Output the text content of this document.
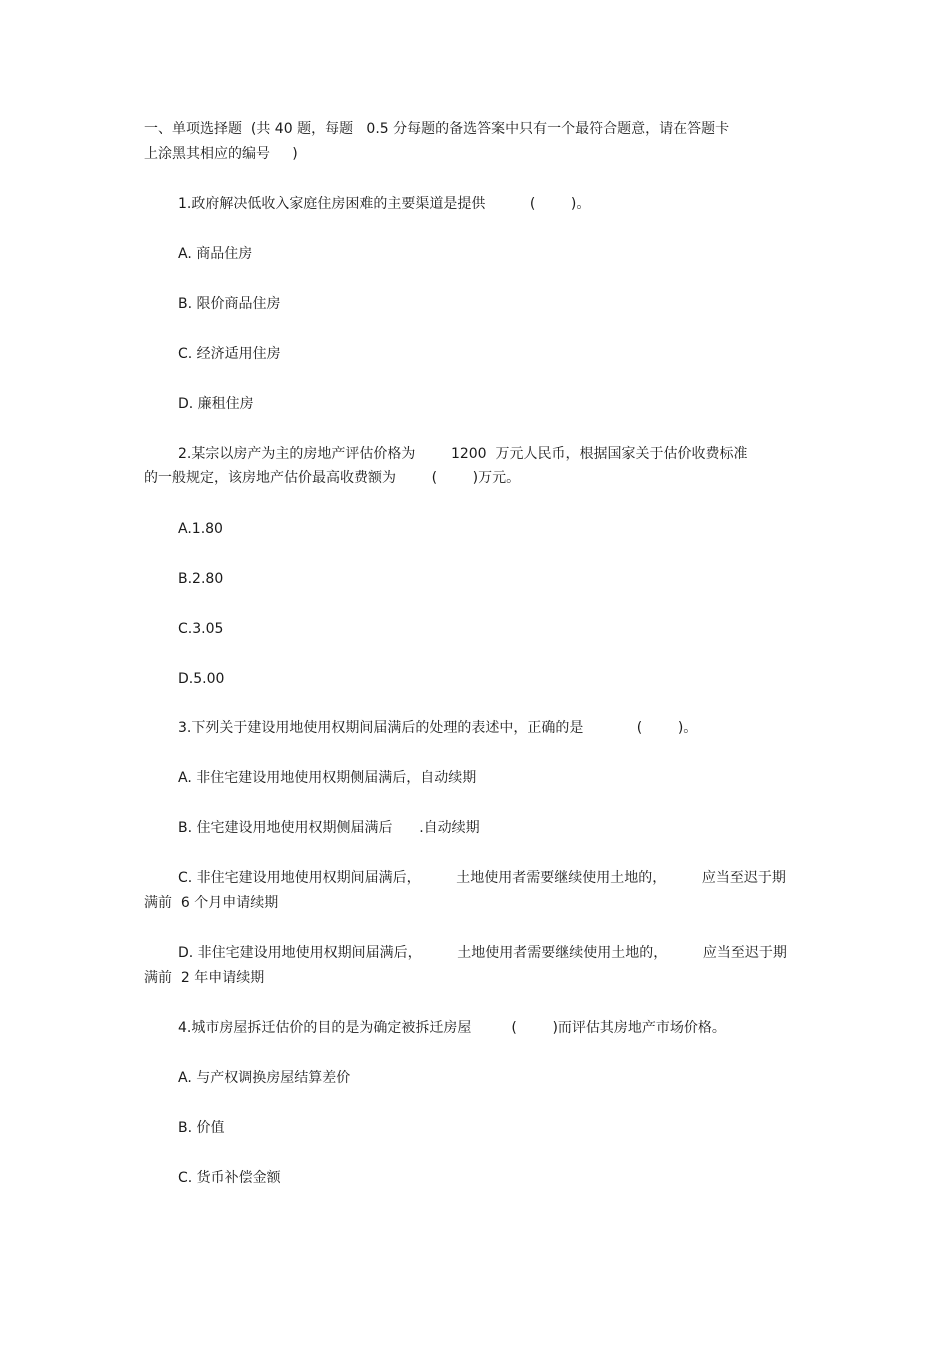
一、单项选择题  (共 40 题，每题   0.5 分每题的备选答案中只有一个最符合题意，请在答题卡

上涂黑其相应的编号     )

1.政府解决低收入家庭住房困难的主要渠道是提供          (        )。

A. 商品住房

B. 限价商品住房

C. 经济适用住房

D. 廉租住房

2.某宗以房产为主的房地产评估价格为        1200  万元人民币，根据国家关于估价收费标准

的一般规定，该房地产估价最高收费额为        (        )万元。

A.1.80

B.2.80

C.3.05

D.5.00

3.下列关于建设用地使用权期间届满后的处理的表述中，正确的是            (        )。

A. 非住宅建设用地使用权期侧届满后，自动续期

B. 住宅建设用地使用权期侧届满后      .自动续期

C. 非住宅建设用地使用权期间届满后，        土地使用者需要继续使用土地的，        应当至迟于期

满前  6 个月申请续期

D. 非住宅建设用地使用权期间届满后，        土地使用者需要继续使用土地的，        应当至迟于期

满前  2 年申请续期

4.城市房屋拆迁估价的目的是为确定被拆迁房屋         (        )而评估其房地产市场价格。

A. 与产权调换房屋结算差价

B. 价值

C. 货币补偿金额
